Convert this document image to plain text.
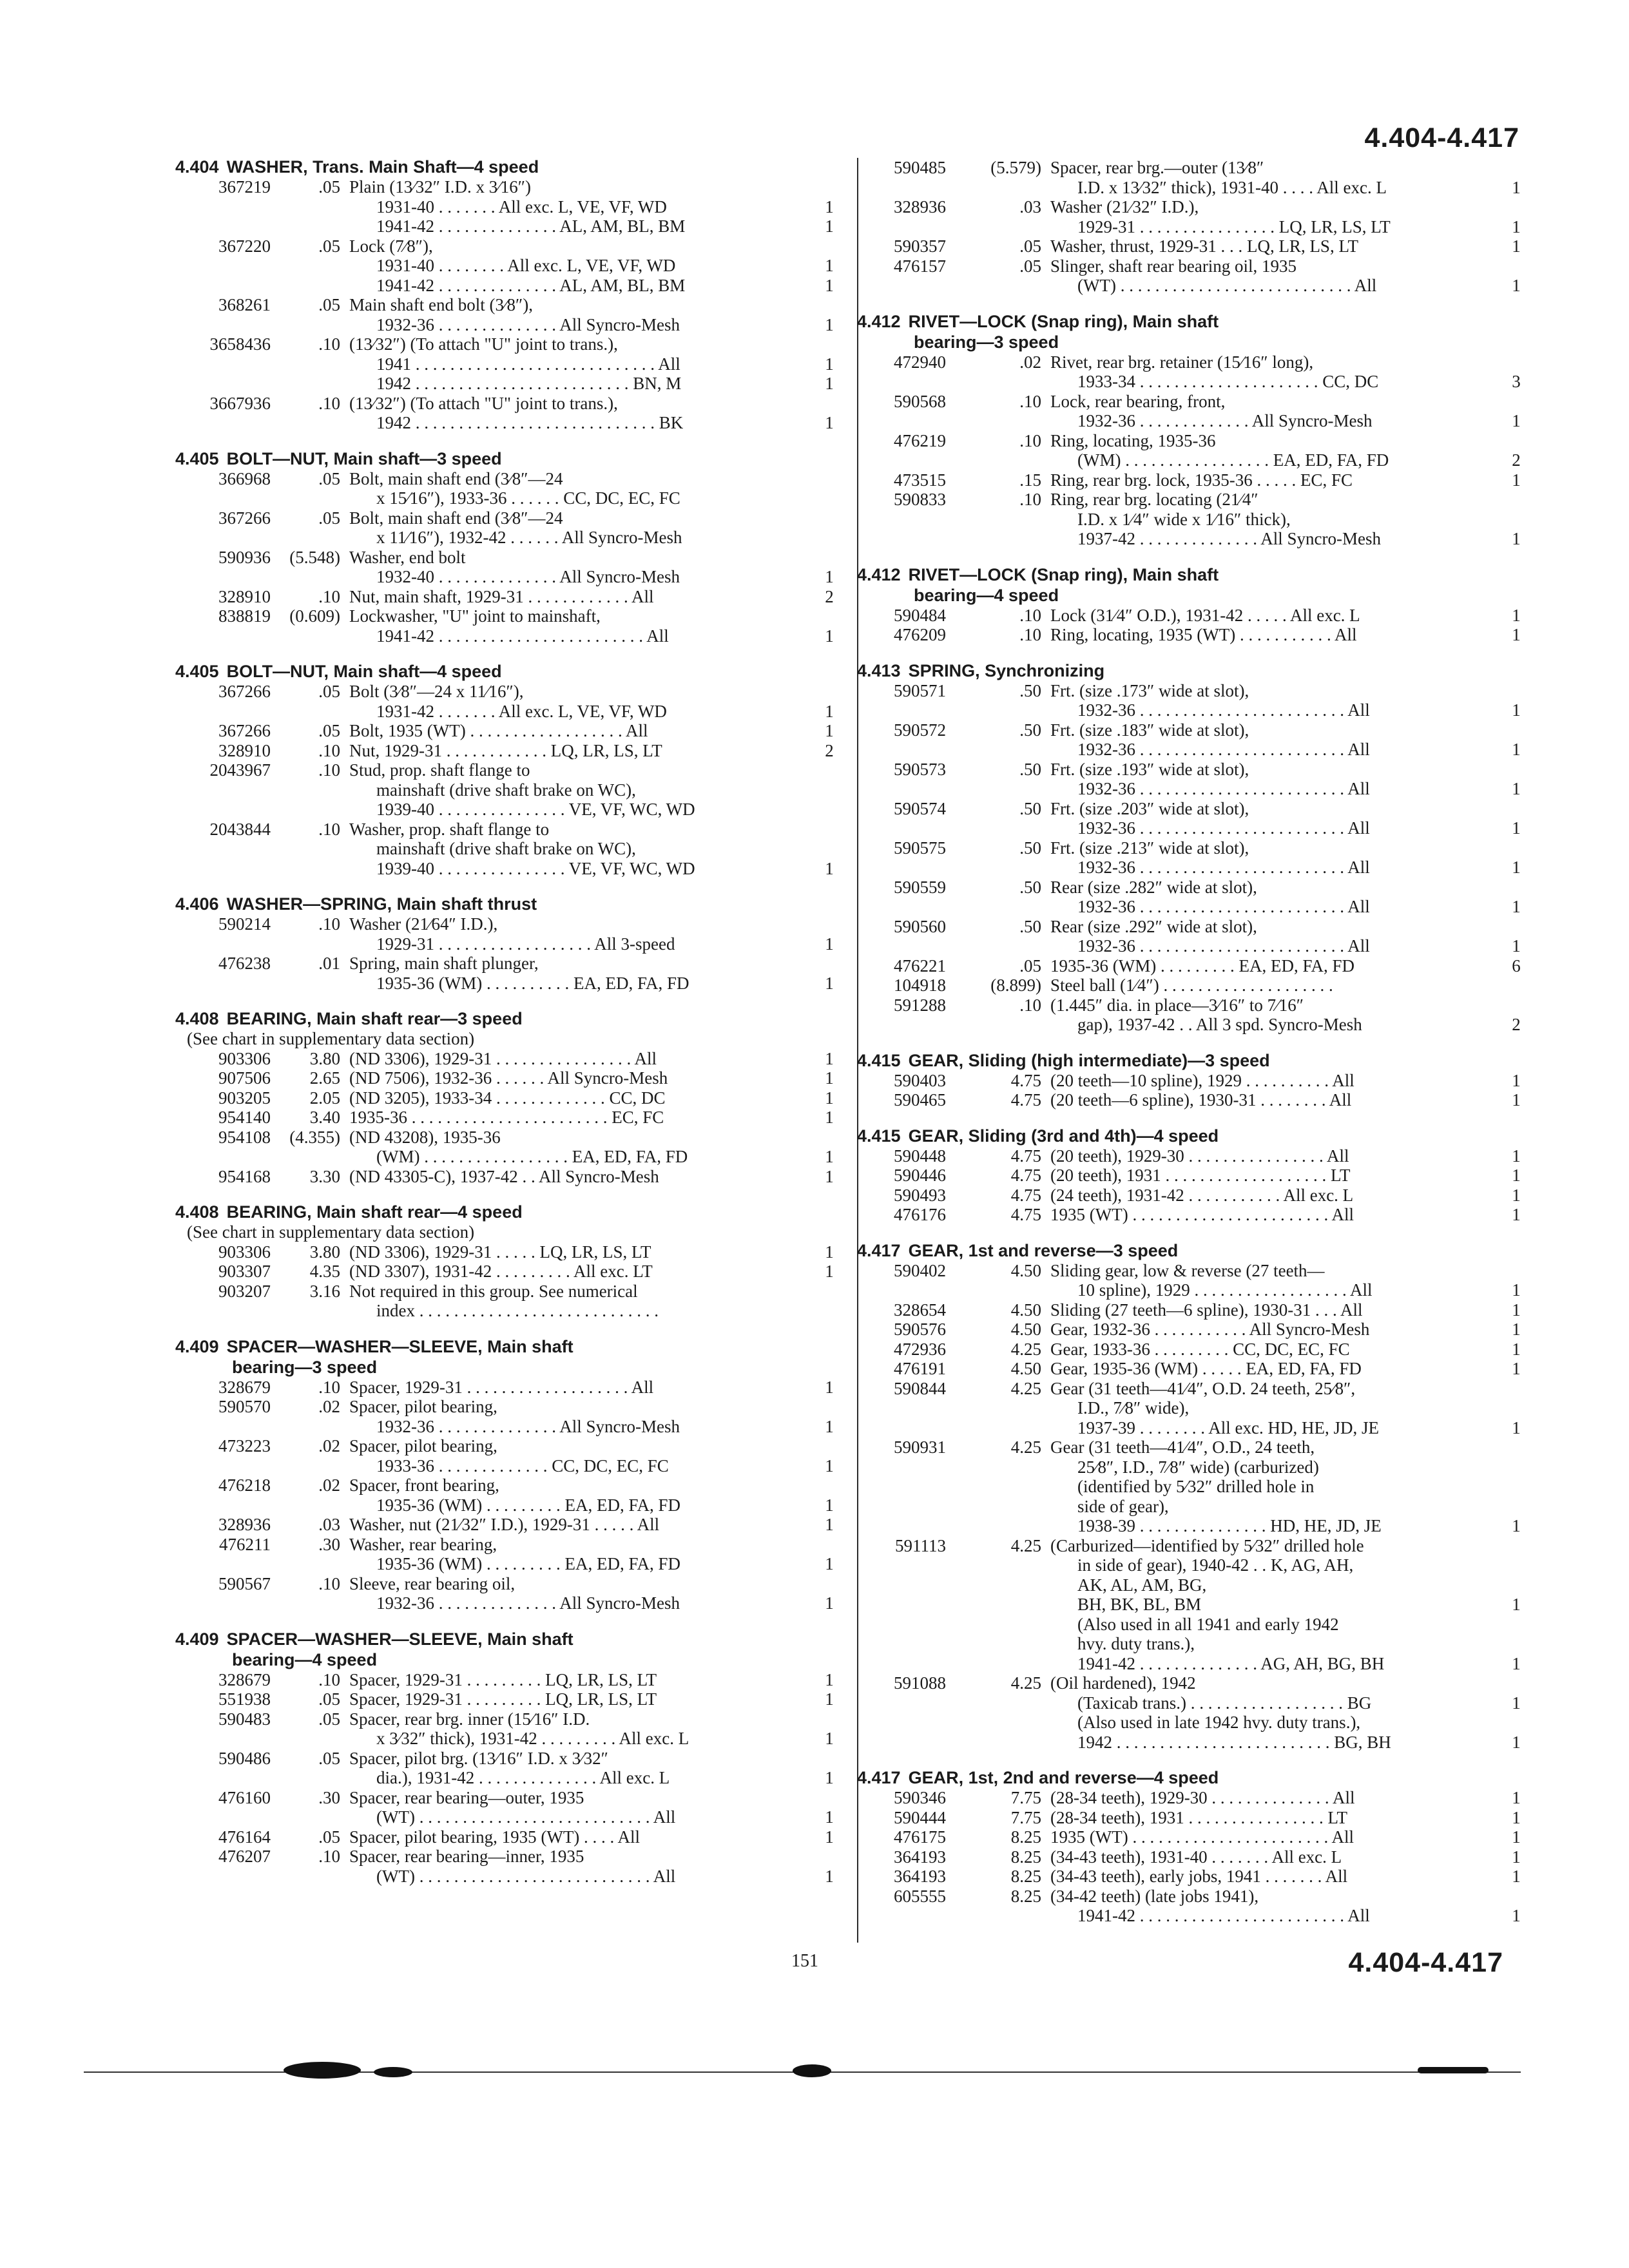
4.404-4.417
4.404 WASHER, Trans. Main Shaft—4 speed
367219	.05 Plain (13⁄32″ I.D. x 3⁄16″)
1931-40 . . . . . . . All exc. L, VE, VF, WD	1
1941-42 . . . . . . . . . . . . . . AL, AM, BL, BM	1
367220	.05 Lock (7⁄8″),
1931-40 . . . . . . . . All exc. L, VE, VF, WD	1
1941-42 . . . . . . . . . . . . . . AL, AM, BL, BM	1
368261	.05 Main shaft end bolt (3⁄8″),
1932-36 . . . . . . . . . . . . . . All Syncro-Mesh	1
3658436	.10 (13⁄32″) (To attach "U" joint to trans.),
1941 . . . . . . . . . . . . . . . . . . . . . . . . . . . . All	1
1942 . . . . . . . . . . . . . . . . . . . . . . . . . BN, M	1
3667936	.10 (13⁄32″) (To attach "U" joint to trans.),
1942 . . . . . . . . . . . . . . . . . . . . . . . . . . . . BK	1
4.405 BOLT—NUT, Main shaft—3 speed
366968	.05 Bolt, main shaft end (3⁄8″—24
x 15⁄16″), 1933-36 . . . . . . CC, DC, EC, FC
367266	.05 Bolt, main shaft end (3⁄8″—24
x 11⁄16″), 1932-42 . . . . . . All Syncro-Mesh
590936	(5.548) Washer, end bolt
1932-40 . . . . . . . . . . . . . . All Syncro-Mesh	1
328910	.10 Nut, main shaft, 1929-31 . . . . . . . . . . . . All	2
838819	(0.609) Lockwasher, "U" joint to mainshaft,
1941-42 . . . . . . . . . . . . . . . . . . . . . . . . All	1
4.405 BOLT—NUT, Main shaft—4 speed
367266	.05 Bolt (3⁄8″—24 x 11⁄16″),
1931-42 . . . . . . . All exc. L, VE, VF, WD	1
367266	.05 Bolt, 1935 (WT) . . . . . . . . . . . . . . . . . . All	1
328910	.10 Nut, 1929-31 . . . . . . . . . . . . LQ, LR, LS, LT	2
2043967	.10 Stud, prop. shaft flange to
mainshaft (drive shaft brake on WC),
1939-40 . . . . . . . . . . . . . . . VE, VF, WC, WD
2043844	.10 Washer, prop. shaft flange to
mainshaft (drive shaft brake on WC),
1939-40 . . . . . . . . . . . . . . . VE, VF, WC, WD	1
4.406 WASHER—SPRING, Main shaft thrust
590214	.10 Washer (21⁄64″ I.D.),
1929-31 . . . . . . . . . . . . . . . . . . All 3-speed	1
476238	.01 Spring, main shaft plunger,
1935-36 (WM) . . . . . . . . . . EA, ED, FA, FD	1
4.408 BEARING, Main shaft rear—3 speed
(See chart in supplementary data section)
903306	3.80 (ND 3306), 1929-31 . . . . . . . . . . . . . . . . All	1
907506	2.65 (ND 7506), 1932-36 . . . . . . All Syncro-Mesh	1
903205	2.05 (ND 3205), 1933-34 . . . . . . . . . . . . . CC, DC	1
954140	3.40 1935-36 . . . . . . . . . . . . . . . . . . . . . . . EC, FC	1
954108	(4.355) (ND 43208), 1935-36
(WM) . . . . . . . . . . . . . . . . . EA, ED, FA, FD	1
954168	3.30 (ND 43305-C), 1937-42 . . All Syncro-Mesh	1
4.408 BEARING, Main shaft rear—4 speed
(See chart in supplementary data section)
903306	3.80 (ND 3306), 1929-31 . . . . . LQ, LR, LS, LT	1
903307	4.35 (ND 3307), 1931-42 . . . . . . . . . All exc. LT	1
903207	3.16 Not required in this group. See numerical
index . . . . . . . . . . . . . . . . . . . . . . . . . . . .
4.409 SPACER—WASHER—SLEEVE, Main shaft
bearing—3 speed
328679	.10 Spacer, 1929-31 . . . . . . . . . . . . . . . . . . . All	1
590570	.02 Spacer, pilot bearing,
1932-36 . . . . . . . . . . . . . . All Syncro-Mesh	1
473223	.02 Spacer, pilot bearing,
1933-36 . . . . . . . . . . . . . CC, DC, EC, FC	1
476218	.02 Spacer, front bearing,
1935-36 (WM) . . . . . . . . . EA, ED, FA, FD	1
328936	.03 Washer, nut (21⁄32″ I.D.), 1929-31 . . . . . All	1
476211	.30 Washer, rear bearing,
1935-36 (WM) . . . . . . . . . EA, ED, FA, FD	1
590567	.10 Sleeve, rear bearing oil,
1932-36 . . . . . . . . . . . . . . All Syncro-Mesh	1
4.409 SPACER—WASHER—SLEEVE, Main shaft
bearing—4 speed
328679	.10 Spacer, 1929-31 . . . . . . . . . LQ, LR, LS, LT	1
551938	.05 Spacer, 1929-31 . . . . . . . . . LQ, LR, LS, LT	1
590483	.05 Spacer, rear brg. inner (15⁄16″ I.D.
x 3⁄32″ thick), 1931-42 . . . . . . . . . All exc. L	1
590486	.05 Spacer, pilot brg. (13⁄16″ I.D. x 3⁄32″
dia.), 1931-42 . . . . . . . . . . . . . . All exc. L	1
476160	.30 Spacer, rear bearing—outer, 1935
(WT) . . . . . . . . . . . . . . . . . . . . . . . . . . . All	1
476164	.05 Spacer, pilot bearing, 1935 (WT) . . . . All	1
476207	.10 Spacer, rear bearing—inner, 1935
(WT) . . . . . . . . . . . . . . . . . . . . . . . . . . . All	1
590485	(5.579) Spacer, rear brg.—outer (13⁄8″
I.D. x 13⁄32″ thick), 1931-40 . . . . All exc. L	1
328936	.03 Washer (21⁄32″ I.D.),
1929-31 . . . . . . . . . . . . . . . . LQ, LR, LS, LT	1
590357	.05 Washer, thrust, 1929-31 . . . LQ, LR, LS, LT	1
476157	.05 Slinger, shaft rear bearing oil, 1935
(WT) . . . . . . . . . . . . . . . . . . . . . . . . . . . All	1
4.412 RIVET—LOCK (Snap ring), Main shaft
bearing—3 speed
472940	.02 Rivet, rear brg. retainer (15⁄16″ long),
1933-34 . . . . . . . . . . . . . . . . . . . . . CC, DC	3
590568	.10 Lock, rear bearing, front,
1932-36 . . . . . . . . . . . . . All Syncro-Mesh	1
476219	.10 Ring, locating, 1935-36
(WM) . . . . . . . . . . . . . . . . . EA, ED, FA, FD	2
473515	.15 Ring, rear brg. lock, 1935-36 . . . . . EC, FC	1
590833	.10 Ring, rear brg. locating (21⁄4″
I.D. x 1⁄4″ wide x 1⁄16″ thick),
1937-42 . . . . . . . . . . . . . . All Syncro-Mesh	1
4.412 RIVET—LOCK (Snap ring), Main shaft
bearing—4 speed
590484	.10 Lock (31⁄4″ O.D.), 1931-42 . . . . . All exc. L	1
476209	.10 Ring, locating, 1935 (WT) . . . . . . . . . . . All	1
4.413 SPRING, Synchronizing
590571	.50 Frt. (size .173″ wide at slot),
1932-36 . . . . . . . . . . . . . . . . . . . . . . . . All	1
590572	.50 Frt. (size .183″ wide at slot),
1932-36 . . . . . . . . . . . . . . . . . . . . . . . . All	1
590573	.50 Frt. (size .193″ wide at slot),
1932-36 . . . . . . . . . . . . . . . . . . . . . . . . All	1
590574	.50 Frt. (size .203″ wide at slot),
1932-36 . . . . . . . . . . . . . . . . . . . . . . . . All	1
590575	.50 Frt. (size .213″ wide at slot),
1932-36 . . . . . . . . . . . . . . . . . . . . . . . . All	1
590559	.50 Rear (size .282″ wide at slot),
1932-36 . . . . . . . . . . . . . . . . . . . . . . . . All	1
590560	.50 Rear (size .292″ wide at slot),
1932-36 . . . . . . . . . . . . . . . . . . . . . . . . All	1
476221	.05 1935-36 (WM) . . . . . . . . . EA, ED, FA, FD	6
104918	(8.899) Steel ball (1⁄4″) . . . . . . . . . . . . . . . . . . . .
591288	.10 (1.445″ dia. in place—3⁄16″ to 7⁄16″
gap), 1937-42 . . All 3 spd. Syncro-Mesh	2
4.415 GEAR, Sliding (high intermediate)—3 speed
590403	4.75 (20 teeth—10 spline), 1929 . . . . . . . . . . All	1
590465	4.75 (20 teeth—6 spline), 1930-31 . . . . . . . . All	1
4.415 GEAR, Sliding (3rd and 4th)—4 speed
590448	4.75 (20 teeth), 1929-30 . . . . . . . . . . . . . . . . All	1
590446	4.75 (20 teeth), 1931 . . . . . . . . . . . . . . . . . . . LT	1
590493	4.75 (24 teeth), 1931-42 . . . . . . . . . . . All exc. L	1
476176	4.75 1935 (WT) . . . . . . . . . . . . . . . . . . . . . . . All	1
4.417 GEAR, 1st and reverse—3 speed
590402	4.50 Sliding gear, low & reverse (27 teeth—
10 spline), 1929 . . . . . . . . . . . . . . . . . . All	1
328654	4.50 Sliding (27 teeth—6 spline), 1930-31 . . . All	1
590576	4.50 Gear, 1932-36 . . . . . . . . . . . All Syncro-Mesh	1
472936	4.25 Gear, 1933-36 . . . . . . . . . CC, DC, EC, FC	1
476191	4.50 Gear, 1935-36 (WM) . . . . . EA, ED, FA, FD	1
590844	4.25 Gear (31 teeth—41⁄4″, O.D. 24 teeth, 25⁄8″,
I.D., 7⁄8″ wide),
1937-39 . . . . . . . . All exc. HD, HE, JD, JE	1
590931	4.25 Gear (31 teeth—41⁄4″, O.D., 24 teeth,
25⁄8″, I.D., 7⁄8″ wide) (carburized)
(identified by 5⁄32″ drilled hole in
side of gear),
1938-39 . . . . . . . . . . . . . . . HD, HE, JD, JE	1
591113	4.25 (Carburized—identified by 5⁄32″ drilled hole
in side of gear), 1940-42 . . K, AG, AH,
AK, AL, AM, BG,
BH, BK, BL, BM	1
(Also used in all 1941 and early 1942
hvy. duty trans.),
1941-42 . . . . . . . . . . . . . . AG, AH, BG, BH	1
591088	4.25 (Oil hardened), 1942
(Taxicab trans.) . . . . . . . . . . . . . . . . . . BG	1
(Also used in late 1942 hvy. duty trans.),
1942 . . . . . . . . . . . . . . . . . . . . . . . . . BG, BH	1
4.417 GEAR, 1st, 2nd and reverse—4 speed
590346	7.75 (28-34 teeth), 1929-30 . . . . . . . . . . . . . . All	1
590444	7.75 (28-34 teeth), 1931 . . . . . . . . . . . . . . . . LT	1
476175	8.25 1935 (WT) . . . . . . . . . . . . . . . . . . . . . . . All	1
364193	8.25 (34-43 teeth), 1931-40 . . . . . . . All exc. L	1
364193	8.25 (34-43 teeth), early jobs, 1941 . . . . . . . All	1
605555	8.25 (34-42 teeth) (late jobs 1941),
1941-42 . . . . . . . . . . . . . . . . . . . . . . . . All	1
151	4.404-4.417
